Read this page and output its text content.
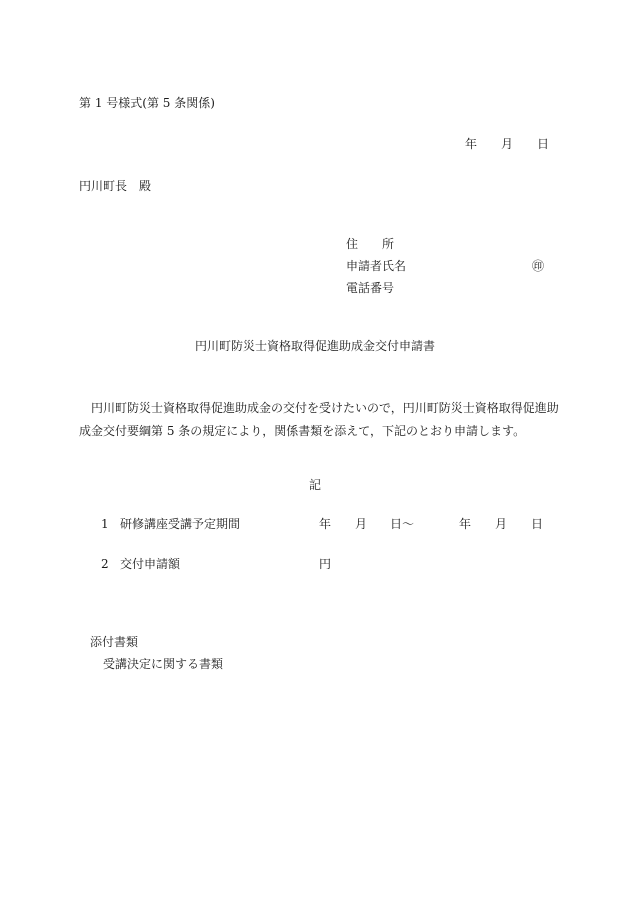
第 1 号様式(第 5 条関係)
年 月 日
円川町長　殿
住　　所
申請者氏名	㊞
電話番号
円川町防災士資格取得促進助成金交付申請書
円川町防災士資格取得促進助成金の交付を受けたいので，円川町防災士資格取得促進助成金交付要綱第 5 条の規定により，関係書類を添えて，下記のとおり申請します。
記
1 研修講座受講予定期間	年 月 日〜	年 月 日
2 交付申請額	円
添付書類
受講決定に関する書類
